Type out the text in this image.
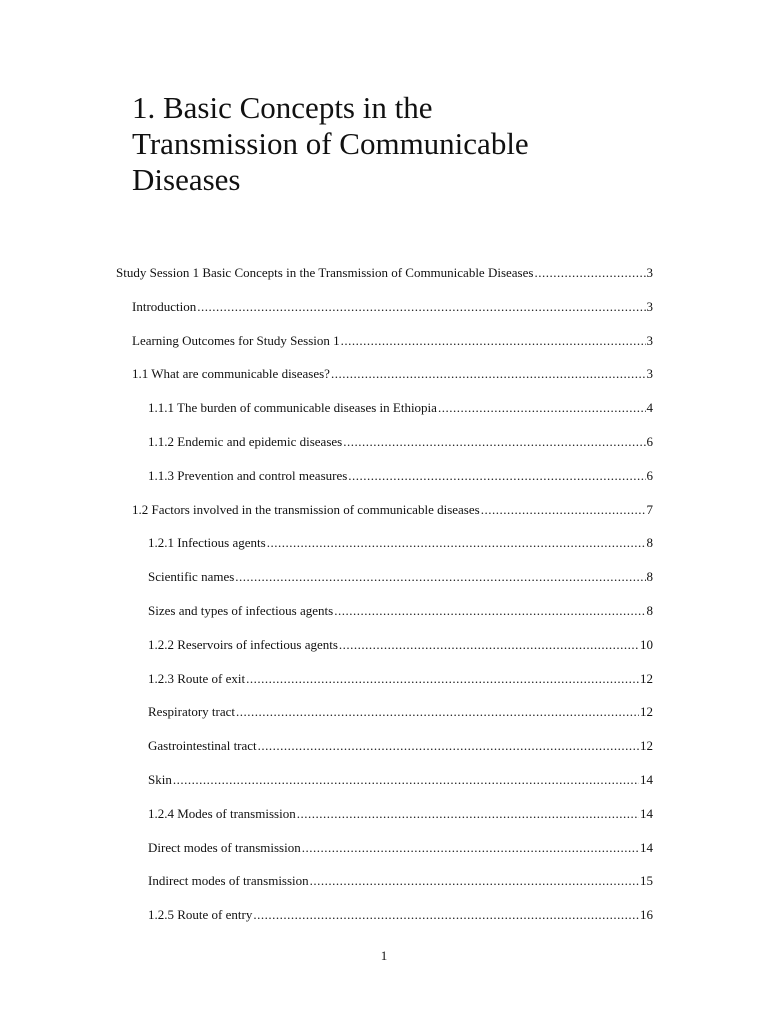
1. Basic Concepts in the
Transmission of Communicable
Diseases
Study Session 1 Basic Concepts in the Transmission of Communicable Diseases .....	3
Introduction .....	3
Learning Outcomes for Study Session 1 .....	3
1.1 What are communicable diseases? .....	3
1.1.1 The burden of communicable diseases in Ethiopia .....	4
1.1.2 Endemic and epidemic diseases .....	6
1.1.3 Prevention and control measures .....	6
1.2 Factors involved in the transmission of communicable diseases .....	7
1.2.1 Infectious agents .....	8
Scientific names .....	8
Sizes and types of infectious agents .....	8
1.2.2 Reservoirs of infectious agents .....	10
1.2.3 Route of exit .....	12
Respiratory tract .....	12
Gastrointestinal tract .....	12
Skin .....	14
1.2.4 Modes of transmission .....	14
Direct modes of transmission .....	14
Indirect modes of transmission .....	15
1.2.5 Route of entry .....	16
1
